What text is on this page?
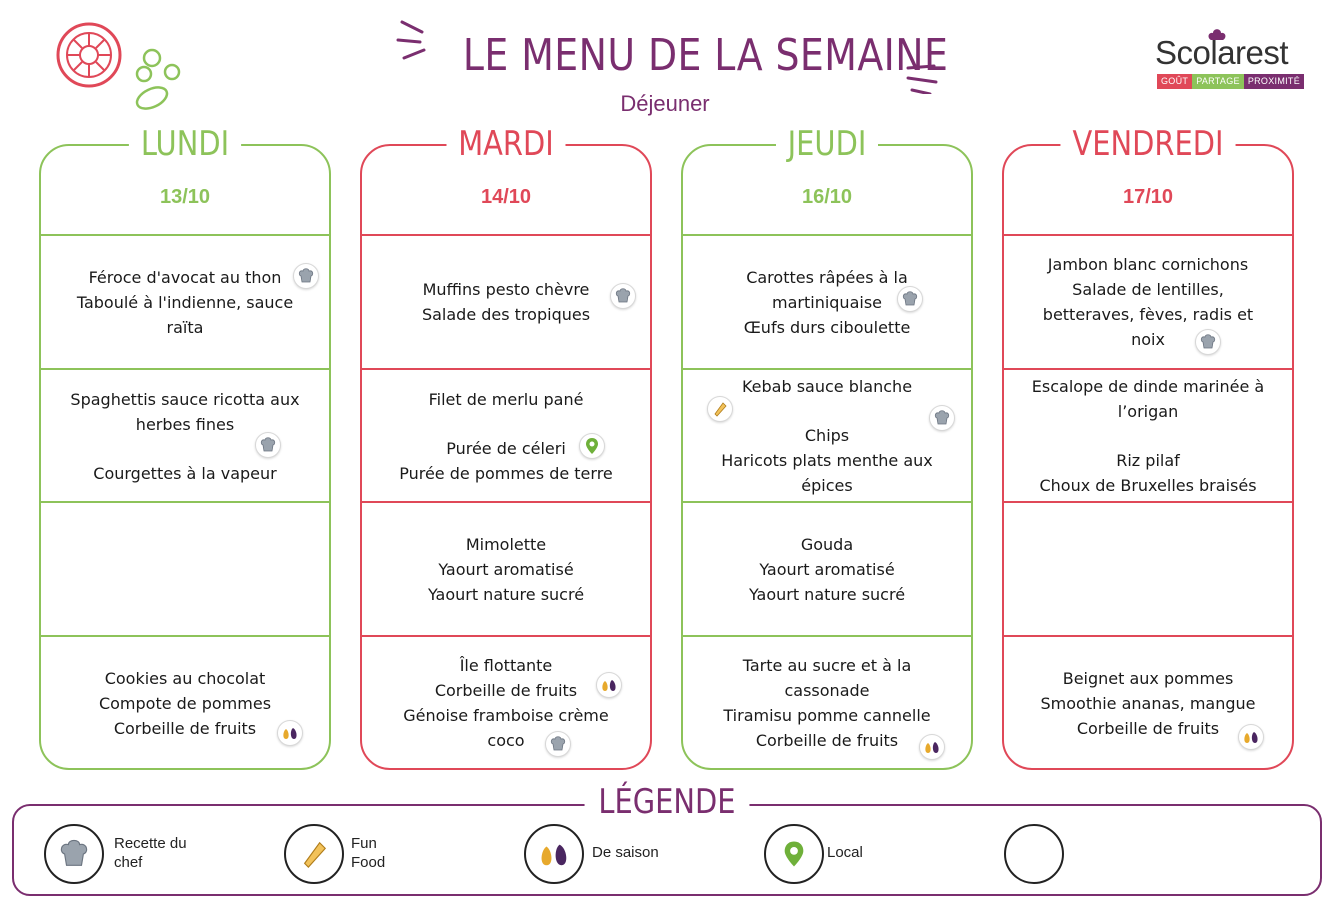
LE MENU DE LA SEMAINE
Déjeuner
Scolarest
GOÛT PARTAGE PROXIMITÉ
LUNDI
13/10
Féroce d'avocat au thon
Taboulé à l'indienne, sauce raïta
Spaghettis sauce ricotta aux herbes fines
Courgettes à la vapeur
Cookies au chocolat
Compote de pommes
Corbeille de fruits
MARDI
14/10
Muffins pesto chèvre
Salade des tropiques
Filet de merlu pané
Purée de céleri
Purée de pommes de terre
Mimolette
Yaourt aromatisé
Yaourt nature sucré
Île flottante
Corbeille de fruits
Génoise framboise crème coco
JEUDI
16/10
Carottes râpées à la martiniquaise
Œufs durs ciboulette
Kebab sauce blanche
Chips
Haricots plats menthe aux épices
Gouda
Yaourt aromatisé
Yaourt nature sucré
Tarte au sucre et à la cassonade
Tiramisu pomme cannelle
Corbeille de fruits
VENDREDI
17/10
Jambon blanc cornichons
Salade de lentilles, betteraves, fèves, radis et noix
Escalope de dinde marinée à l’origan
Riz pilaf
Choux de Bruxelles braisés
Beignet aux pommes
Smoothie ananas, mangue
Corbeille de fruits
LÉGENDE
Recette du chef
Fun Food
De saison	Local
